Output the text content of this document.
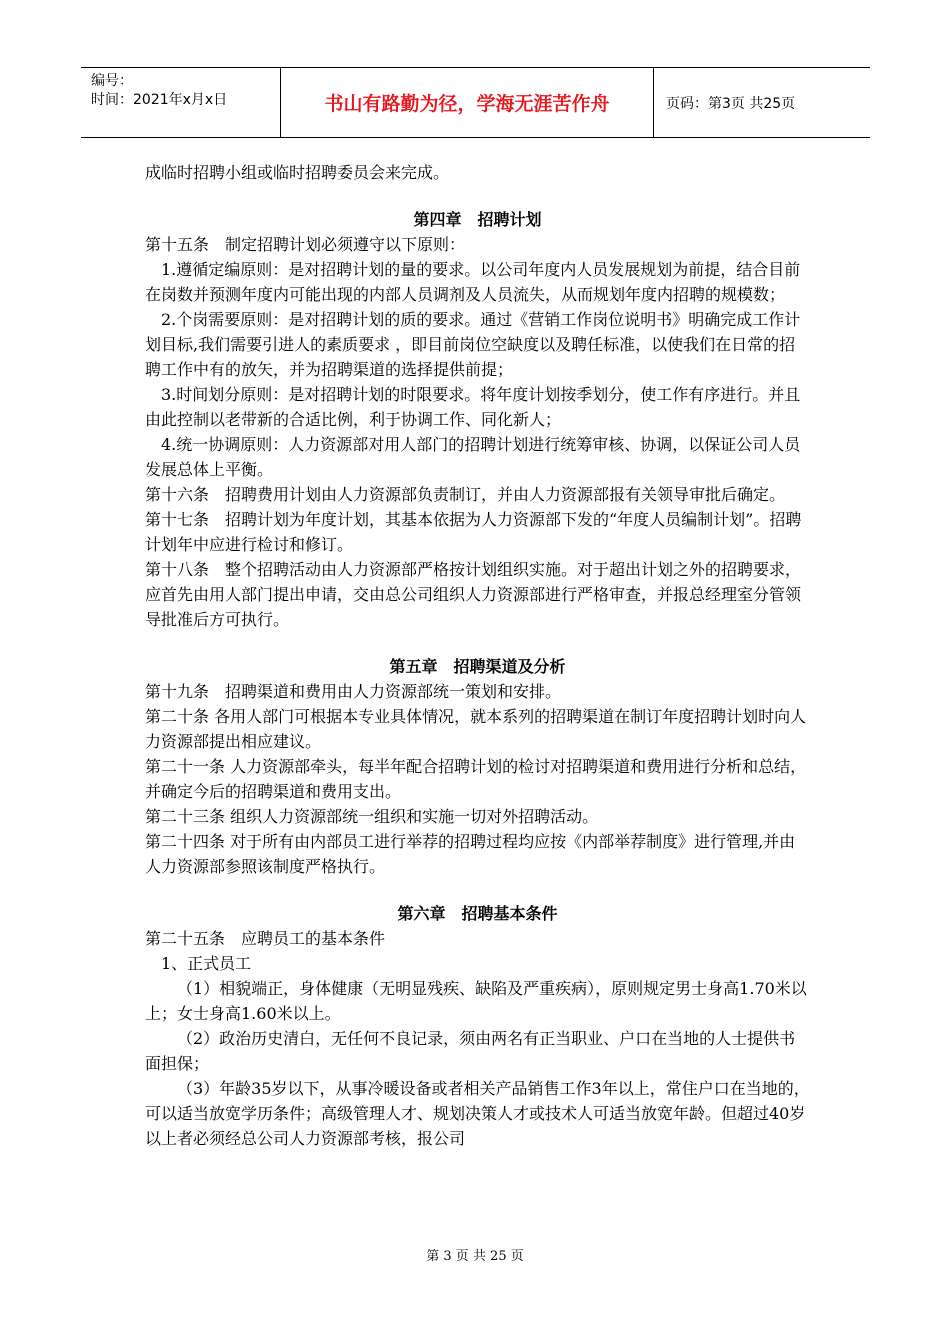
编号：
时间：2021年x月x日	书山有路勤为径，学海无涯苦作舟	页码：第3页 共25页

成临时招聘小组或临时招聘委员会来完成。

第四章　招聘计划

第十五条　制定招聘计划必须遵守以下原则：

1.遵循定编原则：是对招聘计划的量的要求。以公司年度内人员发展规划为前提，结合目前在岗数并预测年度内可能出现的内部人员调剂及人员流失，从而规划年度内招聘的规模数；

2.个岗需要原则：是对招聘计划的质的要求。通过《营销工作岗位说明书》明确完成工作计划目标,我们需要引进人的素质要求 ，即目前岗位空缺度以及聘任标准，以使我们在日常的招聘工作中有的放矢，并为招聘渠道的选择提供前提；

3.时间划分原则：是对招聘计划的时限要求。将年度计划按季划分，使工作有序进行。并且由此控制以老带新的合适比例，利于协调工作、同化新人；

4.统一协调原则：人力资源部对用人部门的招聘计划进行统筹审核、协调，以保证公司人员发展总体上平衡。

第十六条　招聘费用计划由人力资源部负责制订，并由人力资源部报有关领导审批后确定。

第十七条　招聘计划为年度计划，其基本依据为人力资源部下发的“年度人员编制计划”。招聘计划年中应进行检讨和修订。

第十八条　整个招聘活动由人力资源部严格按计划组织实施。对于超出计划之外的招聘要求，应首先由用人部门提出申请，交由总公司组织人力资源部进行严格审查，并报总经理室分管领导批准后方可执行。

第五章　招聘渠道及分析

第十九条　招聘渠道和费用由人力资源部统一策划和安排。

第二十条 各用人部门可根据本专业具体情况，就本系列的招聘渠道在制订年度招聘计划时向人力资源部提出相应建议。

第二十一条 人力资源部牵头，每半年配合招聘计划的检讨对招聘渠道和费用进行分析和总结，并确定今后的招聘渠道和费用支出。

第二十三条 组织人力资源部统一组织和实施一切对外招聘活动。

第二十四条 对于所有由内部员工进行举荐的招聘过程均应按《内部举荐制度》进行管理,并由人力资源部参照该制度严格执行。

第六章　招聘基本条件

第二十五条　应聘员工的基本条件

1、正式员工

（1）相貌端正，身体健康（无明显残疾、缺陷及严重疾病），原则规定男士身高1.70米以上；女士身高1.60米以上。

（2）政治历史清白，无任何不良记录，须由两名有正当职业、户口在当地的人士提供书面担保；

（3）年龄35岁以下，从事冷暖设备或者相关产品销售工作3年以上，常住户口在当地的，可以适当放宽学历条件；高级管理人才、规划决策人才或技术人可适当放宽年龄。但超过40岁以上者必须经总公司人力资源部考核，报公司

第 3 页 共 25 页
